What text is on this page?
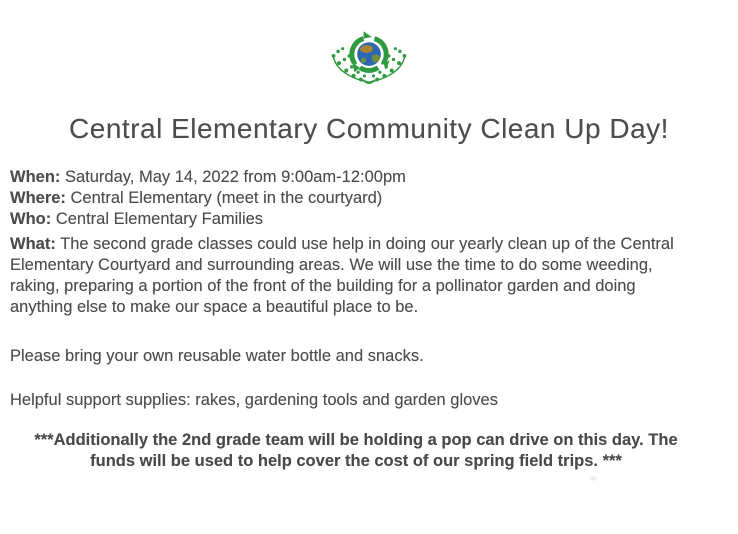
Central Elementary Community Clean Up Day!

When: Saturday, May 14, 2022 from 9:00am-12:00pm

Where: Central Elementary (meet in the courtyard)

Who: Central Elementary Families

What: The second grade classes could use help in doing our yearly clean up of the Central Elementary Courtyard and surrounding areas. We will use the time to do some weeding, raking, preparing a portion of the front of the building for a pollinator garden and doing anything else to make our space a beautiful place to be.

Please bring your own reusable water bottle and snacks.

Helpful support supplies: rakes, gardening tools and garden gloves

***Additionally the 2nd grade team will be holding a pop can drive on this day. The funds will be used to help cover the cost of our spring field trips. ***
